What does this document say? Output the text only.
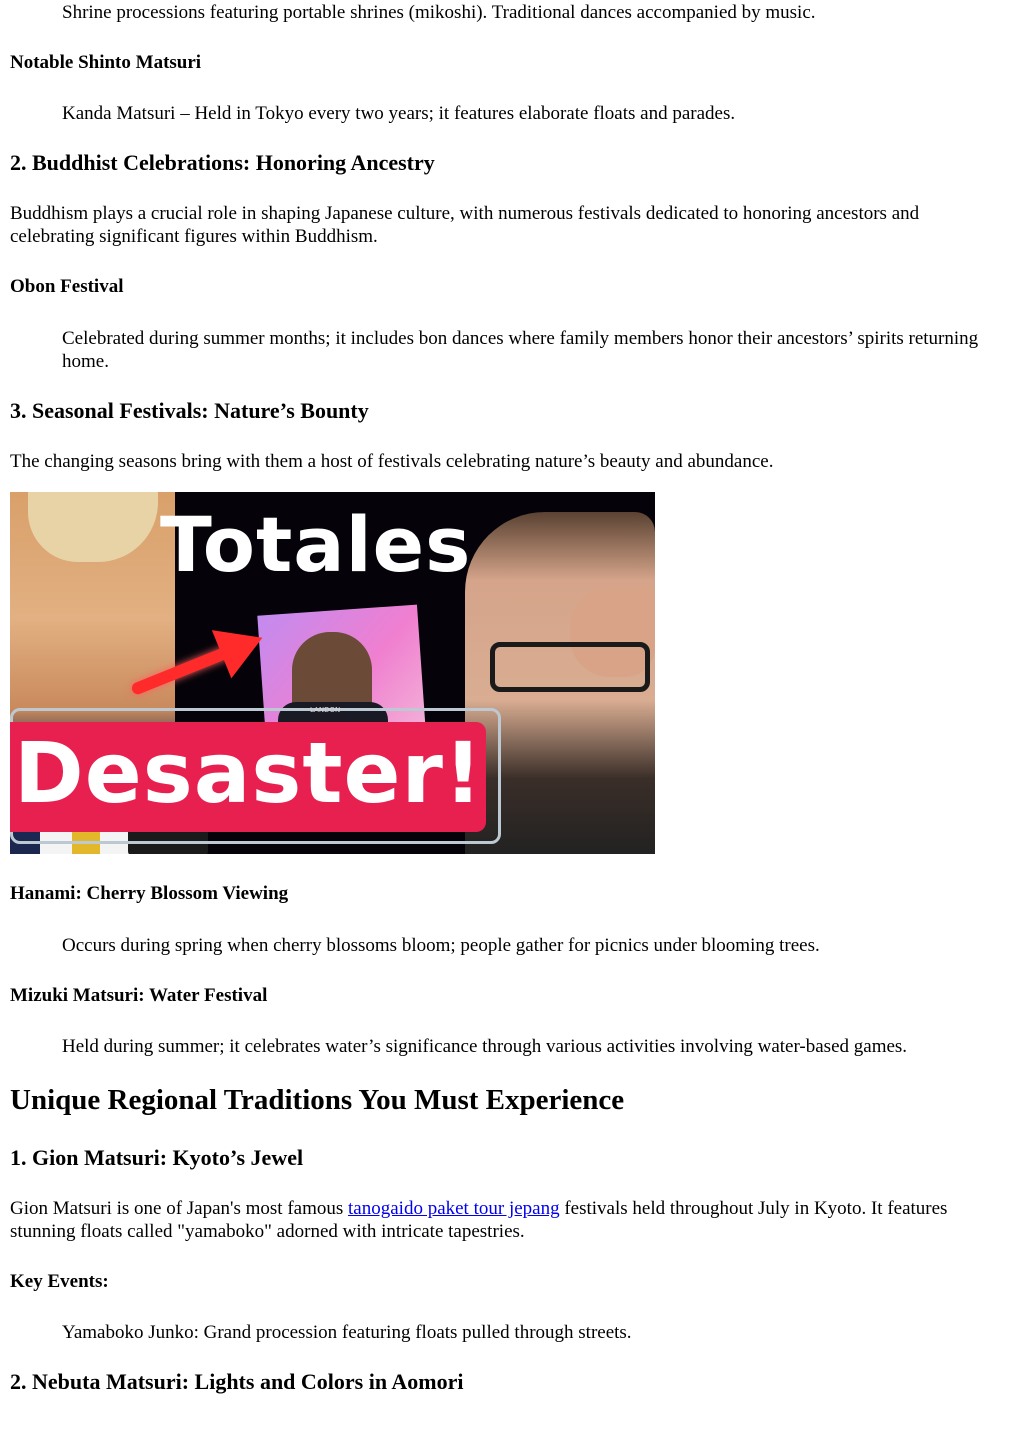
Shrine processions featuring portable shrines (mikoshi). Traditional dances accompanied by music.

Notable Shinto Matsuri

Kanda Matsuri – Held in Tokyo every two years; it features elaborate floats and parades.

2. Buddhist Celebrations: Honoring Ancestry

Buddhism plays a crucial role in shaping Japanese culture, with numerous festivals dedicated to honoring ancestors and celebrating significant figures within Buddhism.

Obon Festival

Celebrated during summer months; it includes bon dances where family members honor their ancestors’ spirits returning home.

3. Seasonal Festivals: Nature’s Bounty

The changing seasons bring with them a host of festivals celebrating nature’s beauty and abundance.

Totales
Desaster!
LANDON

Hanami: Cherry Blossom Viewing

Occurs during spring when cherry blossoms bloom; people gather for picnics under blooming trees.

Mizuki Matsuri: Water Festival

Held during summer; it celebrates water’s significance through various activities involving water-based games.

Unique Regional Traditions You Must Experience
1. Gion Matsuri: Kyoto’s Jewel

Gion Matsuri is one of Japan's most famous tanogaido paket tour jepang festivals held throughout July in Kyoto. It features stunning floats called "yamaboko" adorned with intricate tapestries.

Key Events:

Yamaboko Junko: Grand procession featuring floats pulled through streets.

2. Nebuta Matsuri: Lights and Colors in Aomori
